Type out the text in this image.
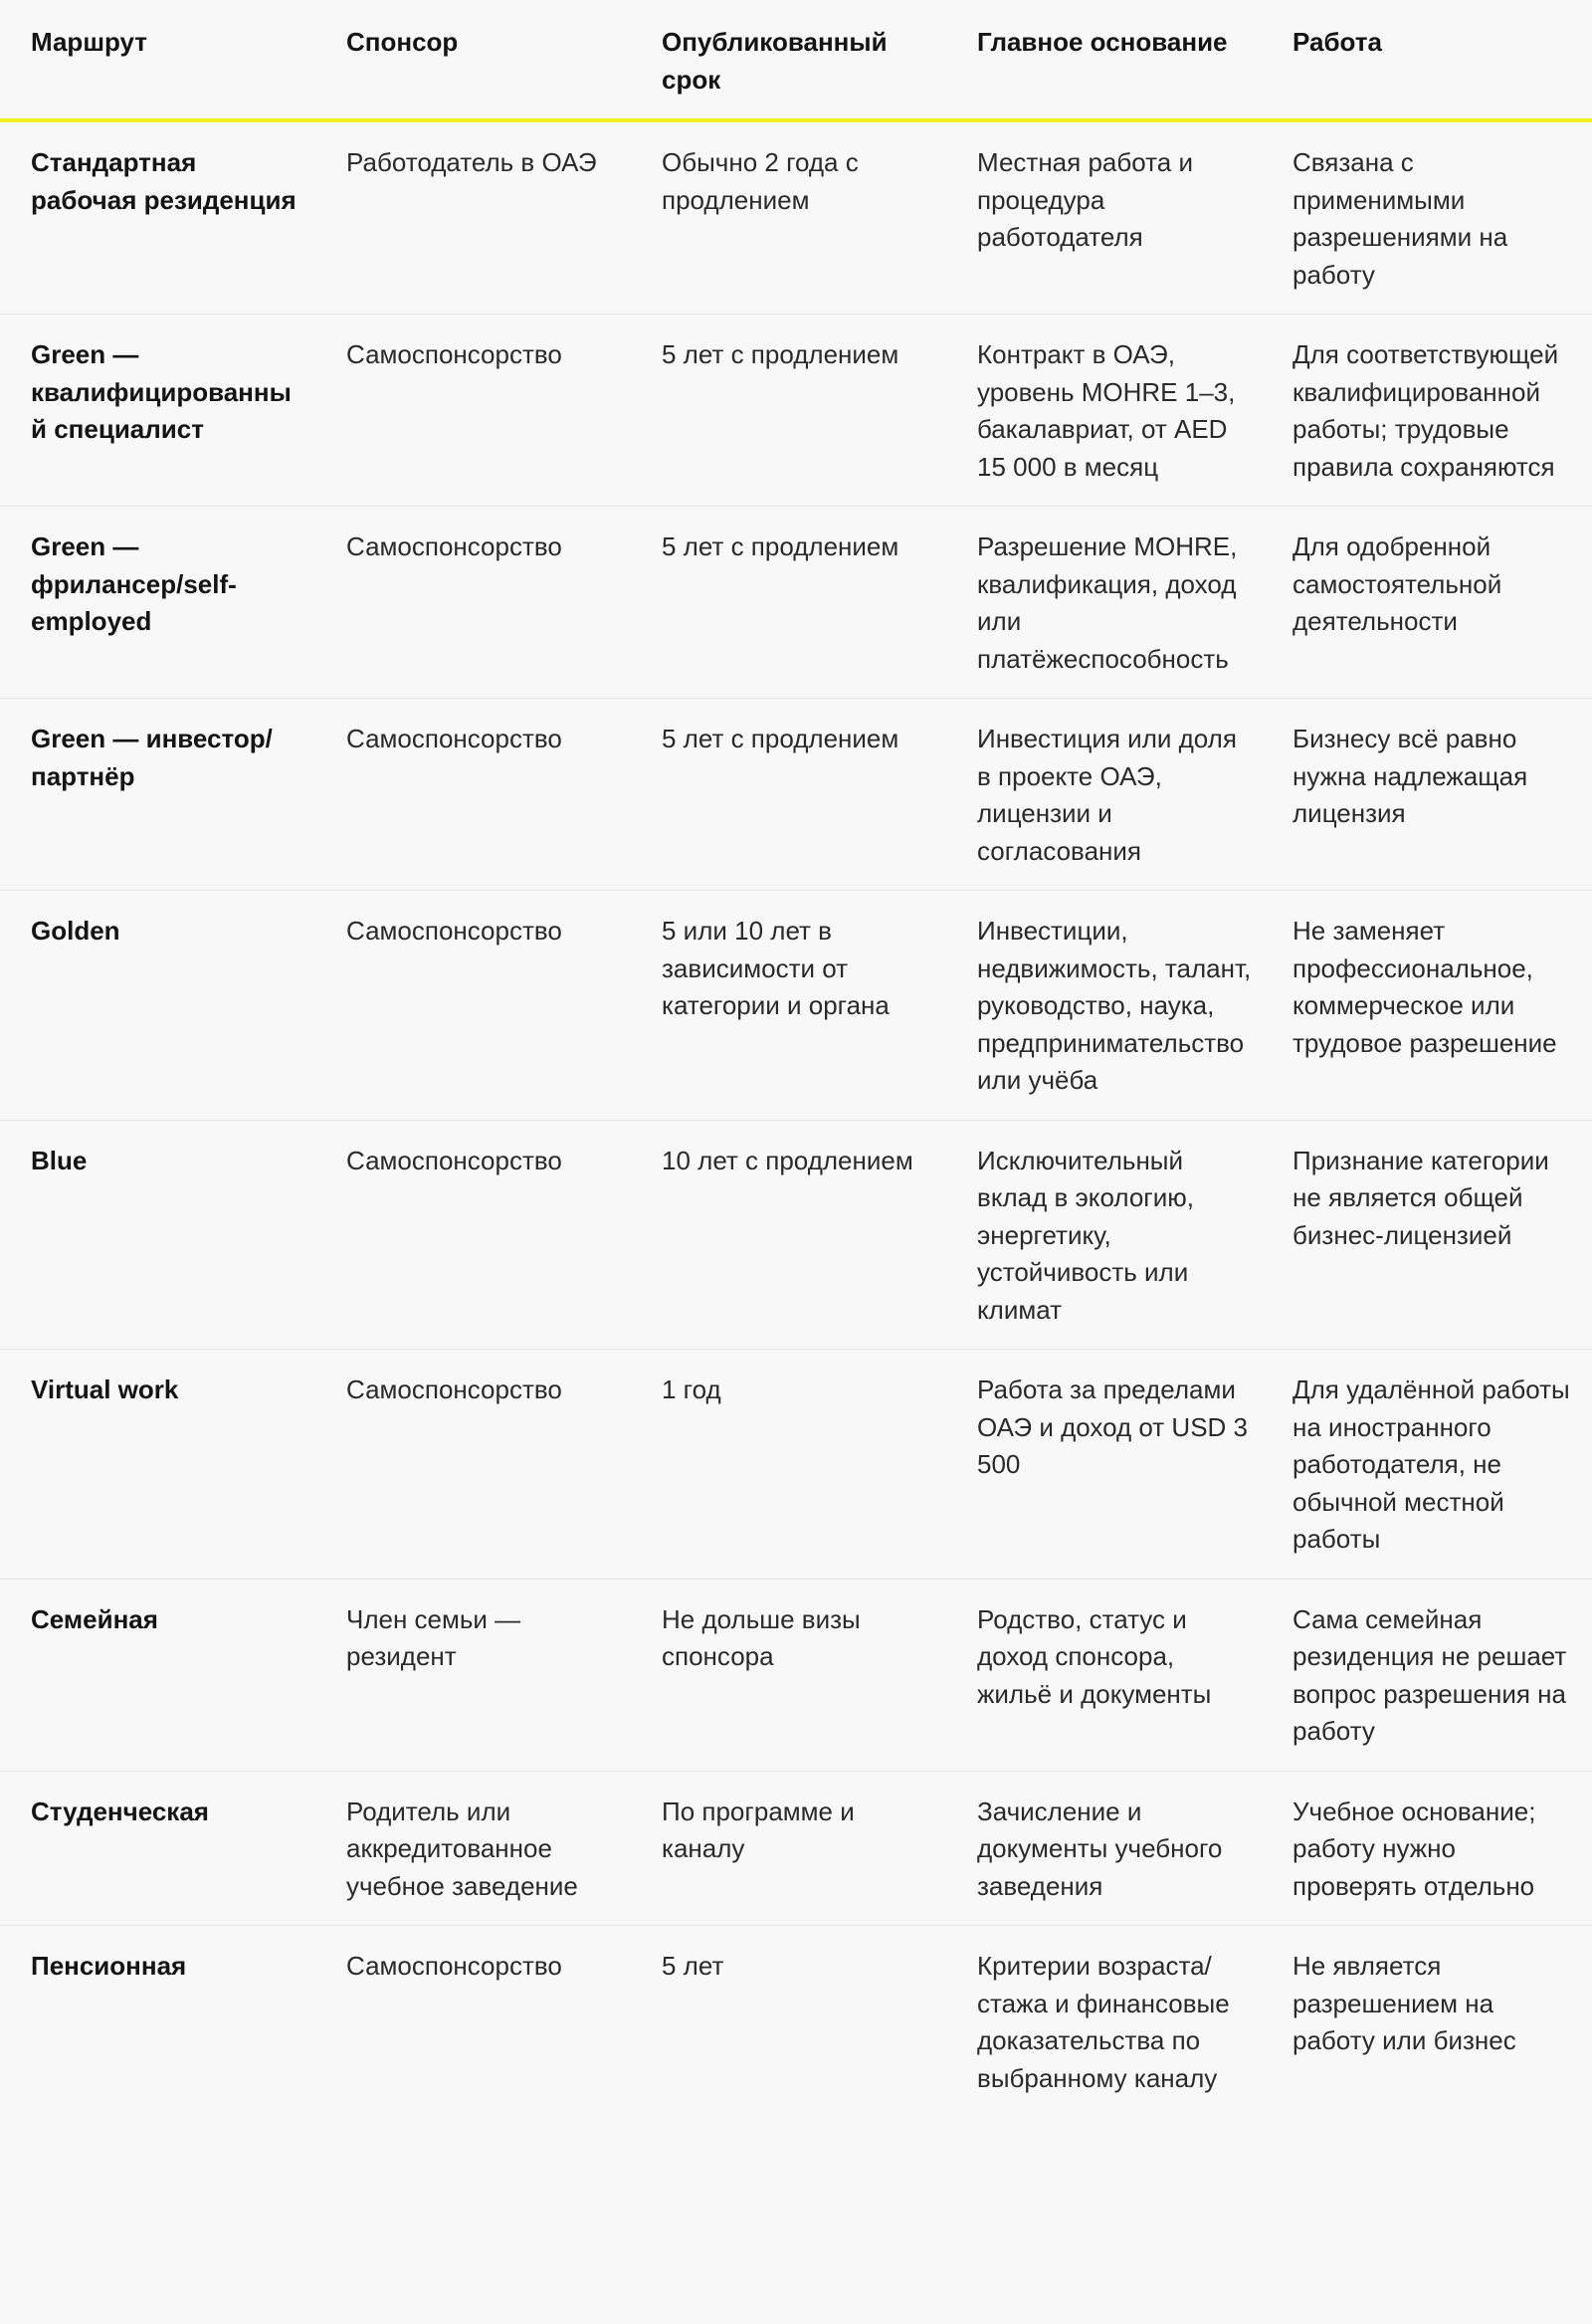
Маршрут	Спонсор	Опубликованный срок	Главное основание	Работа
Стандартная рабочая резиденция	Работодатель в ОАЭ	Обычно 2 года с продлением	Местная работа и процедура работодателя	Связана с применимыми разрешениями на работу
Green — квалифицированный специалист	Самоспонсорство	5 лет с продлением	Контракт в ОАЭ, уровень MOHRE 1–3, бакалавриат, от AED 15 000 в месяц	Для соответствующей квалифицированной работы; трудовые правила сохраняются
Green — фрилансер/self-employed	Самоспонсорство	5 лет с продлением	Разрешение MOHRE, квалификация, доход или платёжеспособность	Для одобренной самостоятельной деятельности
Green — инвестор/партнёр	Самоспонсорство	5 лет с продлением	Инвестиция или доля в проекте ОАЭ, лицензии и согласования	Бизнесу всё равно нужна надлежащая лицензия
Golden	Самоспонсорство	5 или 10 лет в зависимости от категории и органа	Инвестиции, недвижимость, талант, руководство, наука, предпринимательство или учёба	Не заменяет профессиональное, коммерческое или трудовое разрешение
Blue	Самоспонсорство	10 лет с продлением	Исключительный вклад в экологию, энергетику, устойчивость или климат	Признание категории не является общей бизнес-лицензией
Virtual work	Самоспонсорство	1 год	Работа за пределами ОАЭ и доход от USD 3 500	Для удалённой работы на иностранного работодателя, не обычной местной работы
Семейная	Член семьи — резидент	Не дольше визы спонсора	Родство, статус и доход спонсора, жильё и документы	Сама семейная резиденция не решает вопрос разрешения на работу
Студенческая	Родитель или аккредитованное учебное заведение	По программе и каналу	Зачисление и документы учебного заведения	Учебное основание; работу нужно проверять отдельно
Пенсионная	Самоспонсорство	5 лет	Критерии возраста/стажа и финансовые доказательства по выбранному каналу	Не является разрешением на работу или бизнес
